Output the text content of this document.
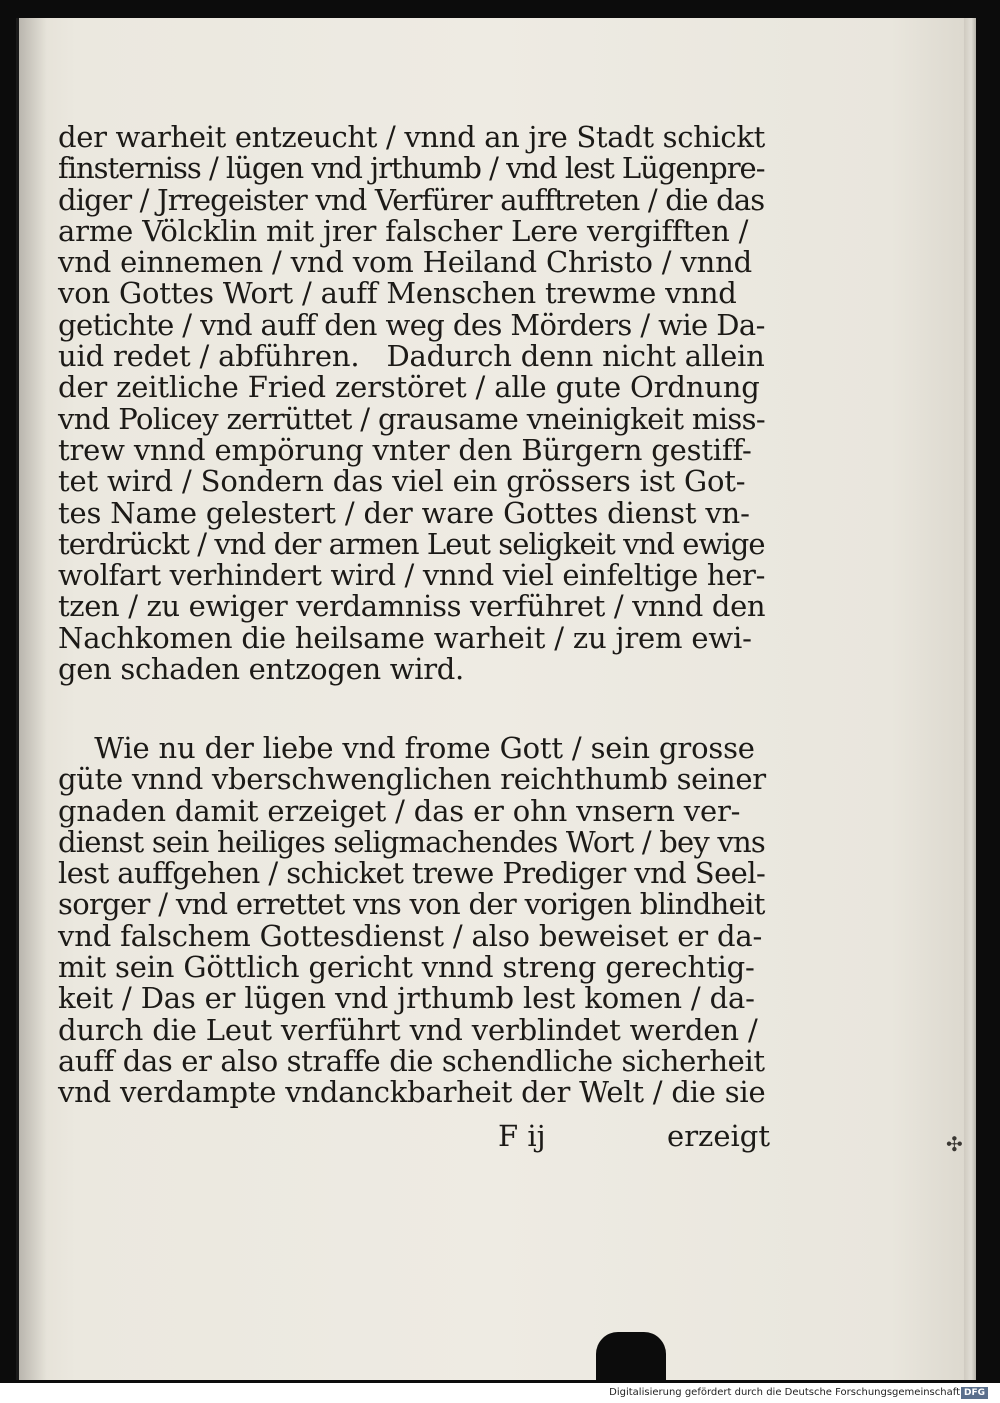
der warheit entzeucht / vnnd an jre Stadt schickt
finsterniss / lügen vnd jrthumb / vnd lest Lügenpre-
diger / Jrregeister vnd Verfürer aufftreten / die das
arme Völcklin mit jrer falscher Lere vergifften /
vnd einnemen / vnd vom Heiland Christo / vnnd
von Gottes Wort / auff Menschen trewme vnnd
getichte / vnd auff den weg des Mörders / wie Da-
uid redet / abführen.   Dadurch denn nicht allein
der zeitliche Fried zerstöret / alle gute Ordnung
vnd Policey zerrüttet / grausame vneinigkeit miss-
trew vnnd empörung vnter den Bürgern gestiff-
tet wird / Sondern das viel ein grössers ist Got-
tes Name gelestert / der ware Gottes dienst vn-
terdrückt / vnd der armen Leut seligkeit vnd ewige
wolfart verhindert wird / vnnd viel einfeltige her-
tzen / zu ewiger verdamniss verführet / vnnd den
Nachkomen die heilsame warheit / zu jrem ewi-
gen schaden entzogen wird.
Wie nu der liebe vnd frome Gott / sein grosse
güte vnnd vberschwenglichen reichthumb seiner
gnaden damit erzeiget / das er ohn vnsern ver-
dienst sein heiliges seligmachendes Wort / bey vns
lest auffgehen / schicket trewe Prediger vnd Seel-
sorger / vnd errettet vns von der vorigen blindheit
vnd falschem Gottesdienst / also beweiset er da-
mit sein Göttlich gericht vnnd streng gerechtig-
keit / Das er lügen vnd jrthumb lest komen / da-
durch die Leut verführt vnd verblindet werden /
auff das er also straffe die schendliche sicherheit
vnd verdampte vndanckbarheit der Welt / die sie
F ij	erzeigt	✣
Digitalisierung gefördert durch die Deutsche Forschungsgemeinschaft DFG
